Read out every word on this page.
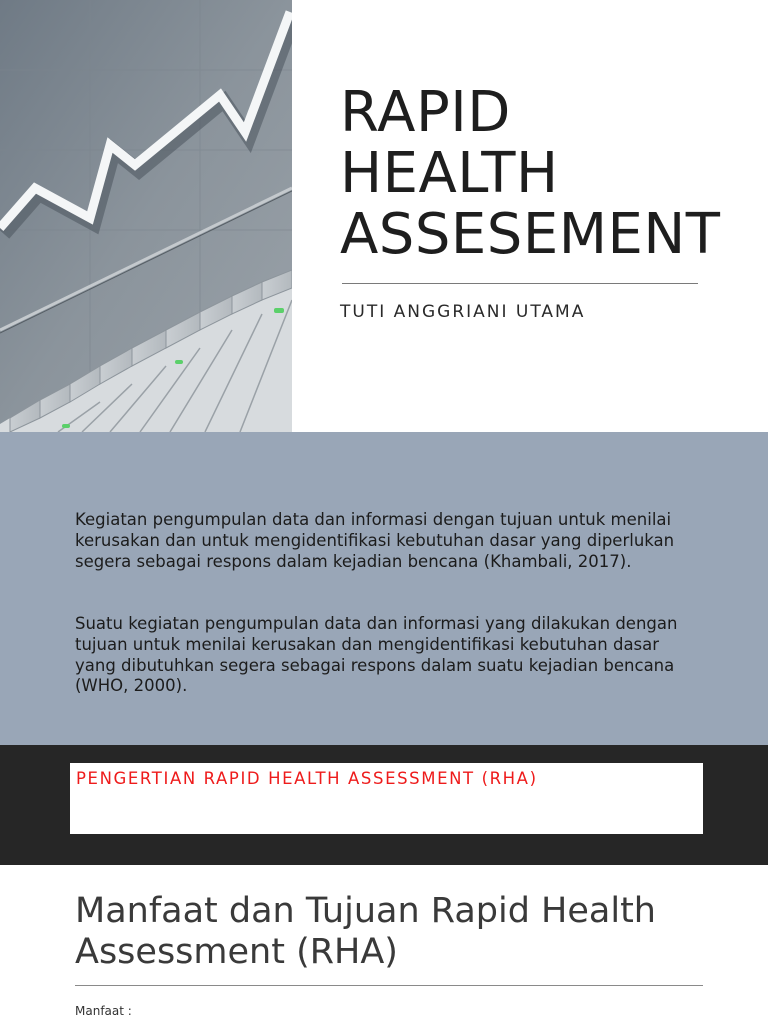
RAPID
HEALTH
ASSESEMENT
TUTI ANGGRIANI UTAMA

Kegiatan pengumpulan data dan informasi dengan tujuan untuk menilai kerusakan dan untuk mengidentifikasi kebutuhan dasar yang diperlukan segera sebagai respons dalam kejadian bencana (Khambali, 2017).

Suatu kegiatan pengumpulan data dan informasi yang dilakukan dengan tujuan untuk menilai kerusakan dan mengidentifikasi kebutuhan dasar yang dibutuhkan segera sebagai respons dalam suatu kejadian bencana (WHO, 2000).

PENGERTIAN RAPID HEALTH ASSESSMENT (RHA)
Manfaat dan Tujuan Rapid Health
Assessment (RHA)
Manfaat :
